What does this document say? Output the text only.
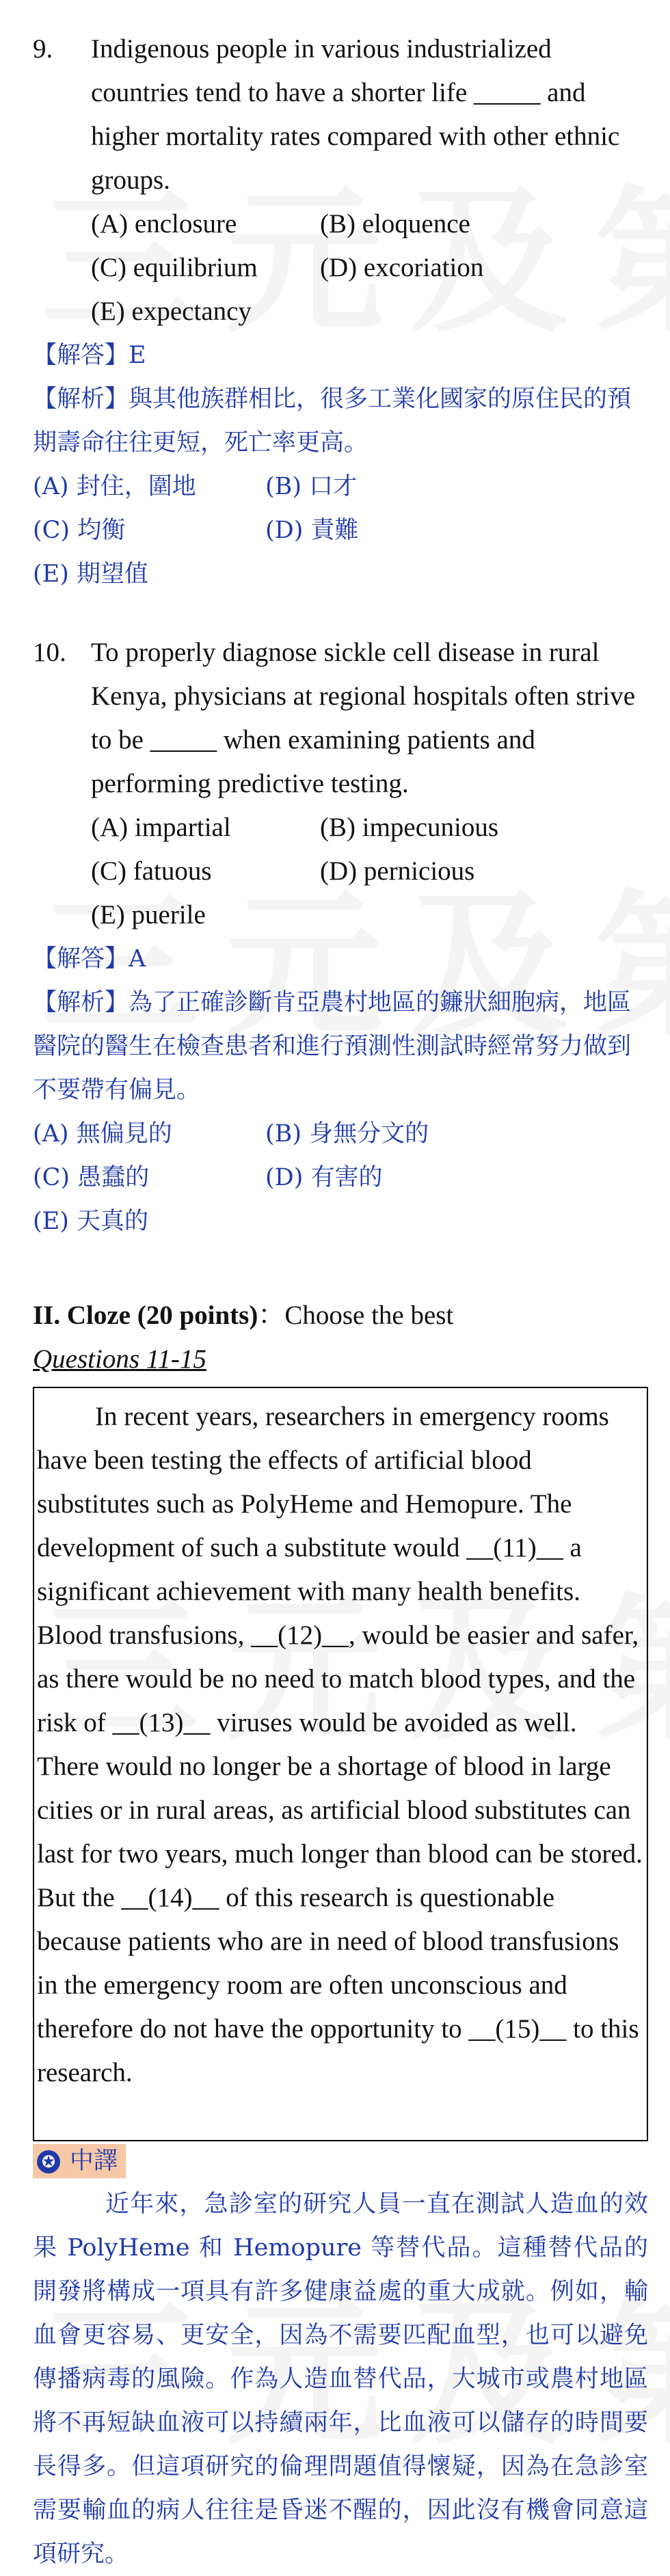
9. Indigenous people in various industrialized countries tend to have a shorter life _____ and higher mortality rates compared with other ethnic groups.
(A) enclosure	(B) eloquence
(C) equilibrium	(D) excoriation
(E) expectancy
【解答】E
【解析】與其他族群相比，很多工業化國家的原住民的預期壽命往往更短，死亡率更高。
(A) 封住，圍地	(B) 口才
(C) 均衡	(D) 責難
(E) 期望值
10. To properly diagnose sickle cell disease in rural Kenya, physicians at regional hospitals often strive to be _____ when examining patients and performing predictive testing.
(A) impartial	(B) impecunious
(C) fatuous	(D) pernicious
(E) puerile
【解答】A
【解析】為了正確診斷肯亞農村地區的鐮狀細胞病，地區醫院的醫生在檢查患者和進行預測性測試時經常努力做到不要帶有偏見。
(A) 無偏見的	(B) 身無分文的
(C) 愚蠢的	(D) 有害的
(E) 天真的
II. Cloze (20 points)：Choose the best
Questions 11-15

In recent years, researchers in emergency rooms have been testing the effects of artificial blood substitutes such as PolyHeme and Hemopure. The development of such a substitute would __(11)__ a significant achievement with many health benefits. Blood transfusions, __(12)__, would be easier and safer, as there would be no need to match blood types, and the risk of __(13)__ viruses would be avoided as well. There would no longer be a shortage of blood in large cities or in rural areas, as artificial blood substitutes can last for two years, much longer than blood can be stored. But the __(14)__ of this research is questionable because patients who are in need of blood transfusions in the emergency room are often unconscious and therefore do not have the opportunity to __(15)__ to this research.

✪ 中譯

近年來，急診室的研究人員一直在測試人造血的效果 PolyHeme 和 Hemopure 等替代品。這種替代品的開發將構成一項具有許多健康益處的重大成就。例如，輸血會更容易、更安全，因為不需要匹配血型，也可以避免傳播病毒的風險。作為人造血替代品，大城市或農村地區將不再短缺血液可以持續兩年，比血液可以儲存的時間要長得多。但這項研究的倫理問題值得懷疑，因為在急診室需要輸血的病人往往是昏迷不醒的，因此沒有機會同意這項研究。
